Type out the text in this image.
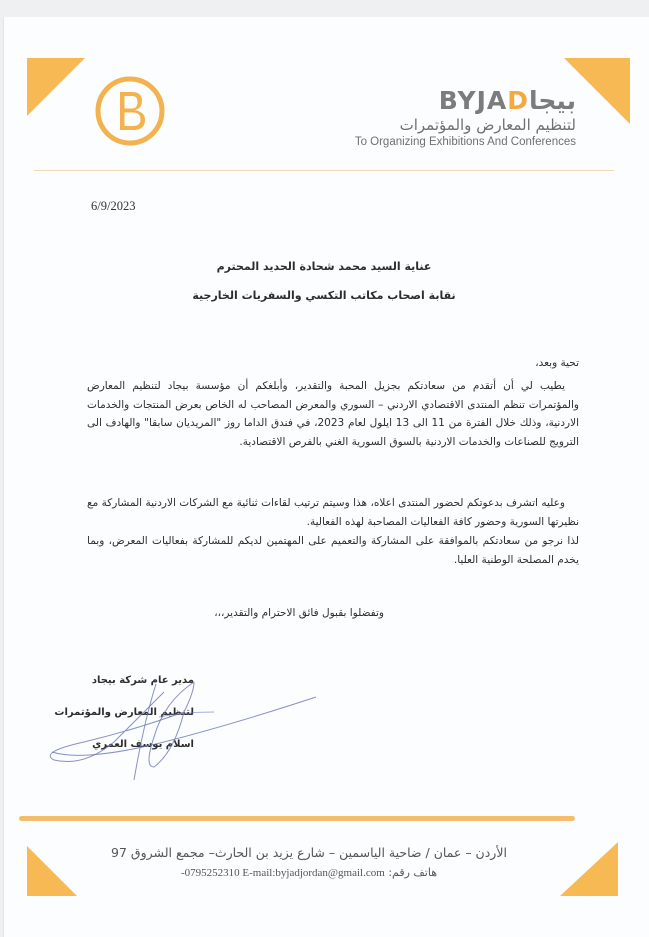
BYJADبيجا
لتنظيم المعارض والمؤتمرات
To Organizing Exhibitions And Conferences
6/9/2023
عناية السيد محمد شحادة الحديد المحترم
نقابة اصحاب مكاتب التكسي والسفريات الخارجية
تحية وبعد،
يطيب لي أن أتقدم من سعادتكم بجزيل المحبة والتقدير، وأبلغكم أن مؤسسة بيجاد لتنظيم المعارض والمؤتمرات تنظم المنتدى الاقتصادي الاردني – السوري والمعرض المصاحب له الخاص بعرض المنتجات والخدمات الاردنية، وذلك خلال الفترة من 11 الى 13 ايلول لعام 2023، في فندق الداما روز "المريديان سابقا" والهادف الى الترويج للصناعات والخدمات الاردنية بالسوق السورية الغني بالفرص الاقتصادية.
وعليه اتشرف بدعوتكم لحضور المنتدى اعلاه، هذا وسيتم ترتيب لقاءات ثنائية مع الشركات الاردنية المشاركة مع نظيرتها السورية وحضور كافة الفعاليات المصاحبة لهذه الفعالية.
لذا نرجو من سعادتكم بالموافقة على المشاركة والتعميم على المهتمين لديكم للمشاركة بفعاليات المعرض، وبما يخدم المصلحة الوطنية العليا.
وتفضلوا بقبول فائق الاحترام والتقدير،،،
مدير عام شركة بيجاد
لتنظيم المعارض والمؤتمرات
اسلام يوسف العمري
الأردن – عمان / ضاحية الياسمين – شارع يزيد بن الحارث– مجمع الشروق 97
هاتف رقم: -0795252310 E-mail:byjadjordan@gmail.com
